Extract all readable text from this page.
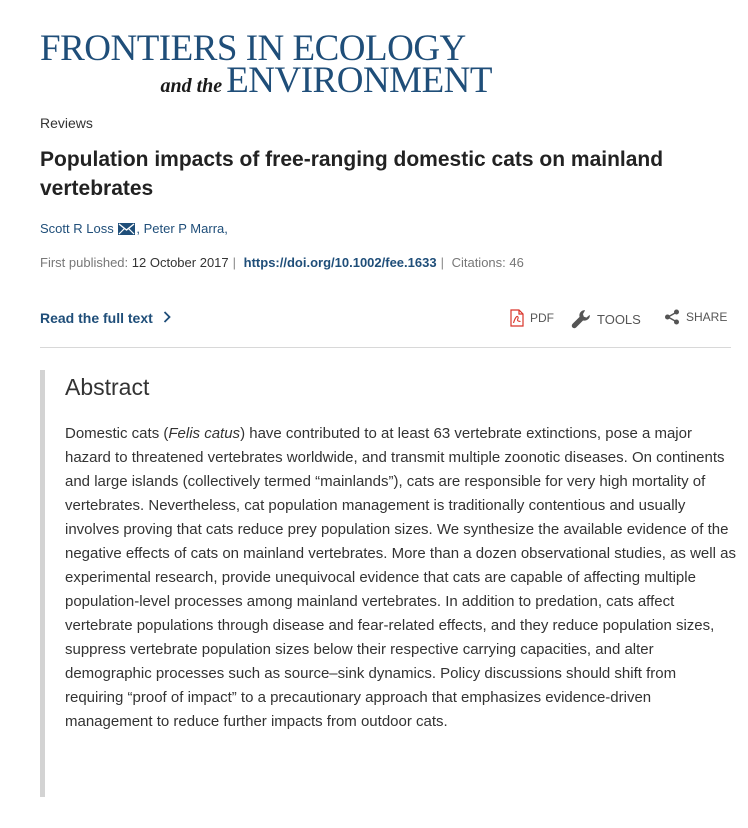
FRONTIERS IN ECOLOGY
and the ENVIRONMENT
Reviews
Population impacts of free-ranging domestic cats on mainland vertebrates
Scott R Loss , Peter P Marra,
First published: 12 October 2017 | https://doi.org/10.1002/fee.1633 | Citations: 46
Read the full text	PDF	TOOLS	SHARE
Abstract

Domestic cats (Felis catus) have contributed to at least 63 vertebrate extinctions, pose a major hazard to threatened vertebrates worldwide, and transmit multiple zoonotic diseases. On continents and large islands (collectively termed “mainlands”), cats are responsible for very high mortality of vertebrates. Nevertheless, cat population management is traditionally contentious and usually involves proving that cats reduce prey population sizes. We synthesize the available evidence of the negative effects of cats on mainland vertebrates. More than a dozen observational studies, as well as experimental research, provide unequivocal evidence that cats are capable of affecting multiple population-level processes among mainland vertebrates. In addition to predation, cats affect vertebrate populations through disease and fear-related effects, and they reduce population sizes, suppress vertebrate population sizes below their respective carrying capacities, and alter demographic processes such as source–sink dynamics. Policy discussions should shift from requiring “proof of impact” to a precautionary approach that emphasizes evidence-driven management to reduce further impacts from outdoor cats.
